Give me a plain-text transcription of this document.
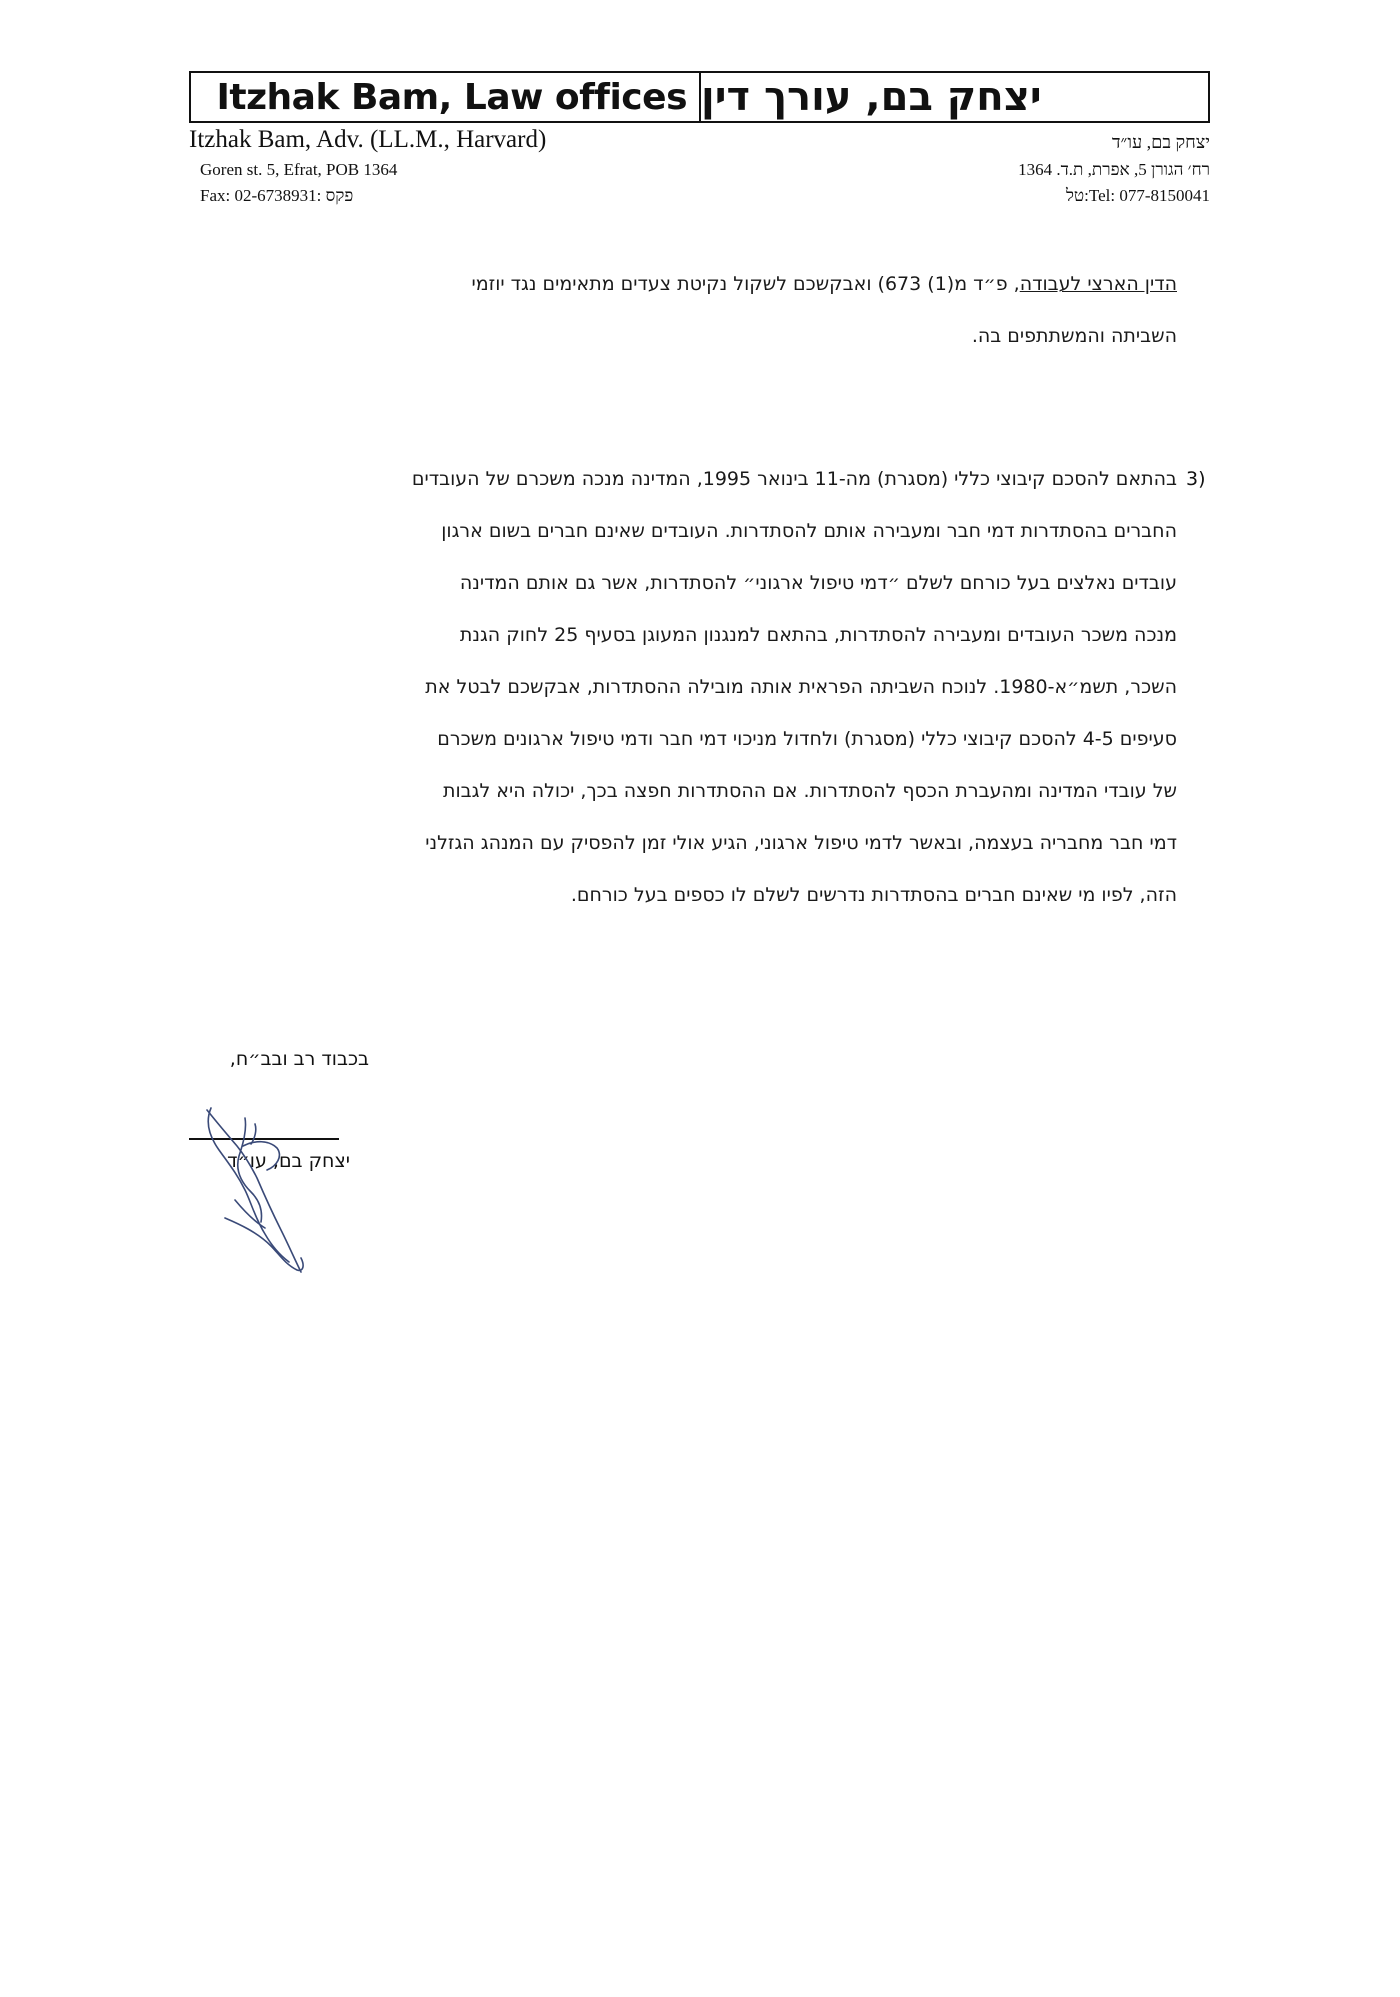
Itzhak Bam, Law offices יצחק בם, עורך דין
Itzhak Bam, Adv. (LL.M., Harvard)
Goren st. 5, Efrat, POB 1364
Fax: 02-6738931: פקס
יצחק בם, עו״ד
רח׳ הגורן 5, אפרת, ת.ד. 1364
Tel: 077-8150041:טל
הדין הארצי לעבודה, פ״ד מ(1) 673) ואבקשכם לשקול נקיטת צעדים מתאימים נגד יוזמי
השביתה והמשתתפים בה.
3)
בהתאם להסכם קיבוצי כללי (מסגרת) מה-11 בינואר 1995, המדינה מנכה משכרם של העובדים
החברים בהסתדרות דמי חבר ומעבירה אותם להסתדרות. העובדים שאינם חברים בשום ארגון
עובדים נאלצים בעל כורחם לשלם ״דמי טיפול ארגוני״ להסתדרות, אשר גם אותם המדינה
מנכה משכר העובדים ומעבירה להסתדרות, בהתאם למנגנון המעוגן בסעיף 25 לחוק הגנת
השכר, תשמ״א-1980. לנוכח השביתה הפראית אותה מובילה ההסתדרות, אבקשכם לבטל את
סעיפים 4-5 להסכם קיבוצי כללי (מסגרת) ולחדול מניכוי דמי חבר ודמי טיפול ארגונים משכרם
של עובדי המדינה ומהעברת הכסף להסתדרות. אם ההסתדרות חפצה בכך, יכולה היא לגבות
דמי חבר מחבריה בעצמה, ובאשר לדמי טיפול ארגוני, הגיע אולי זמן להפסיק עם המנהג הגזלני
הזה, לפיו מי שאינם חברים בהסתדרות נדרשים לשלם לו כספים בעל כורחם.
בכבוד רב ובב״ח,
יצחק בם, עו״ד
